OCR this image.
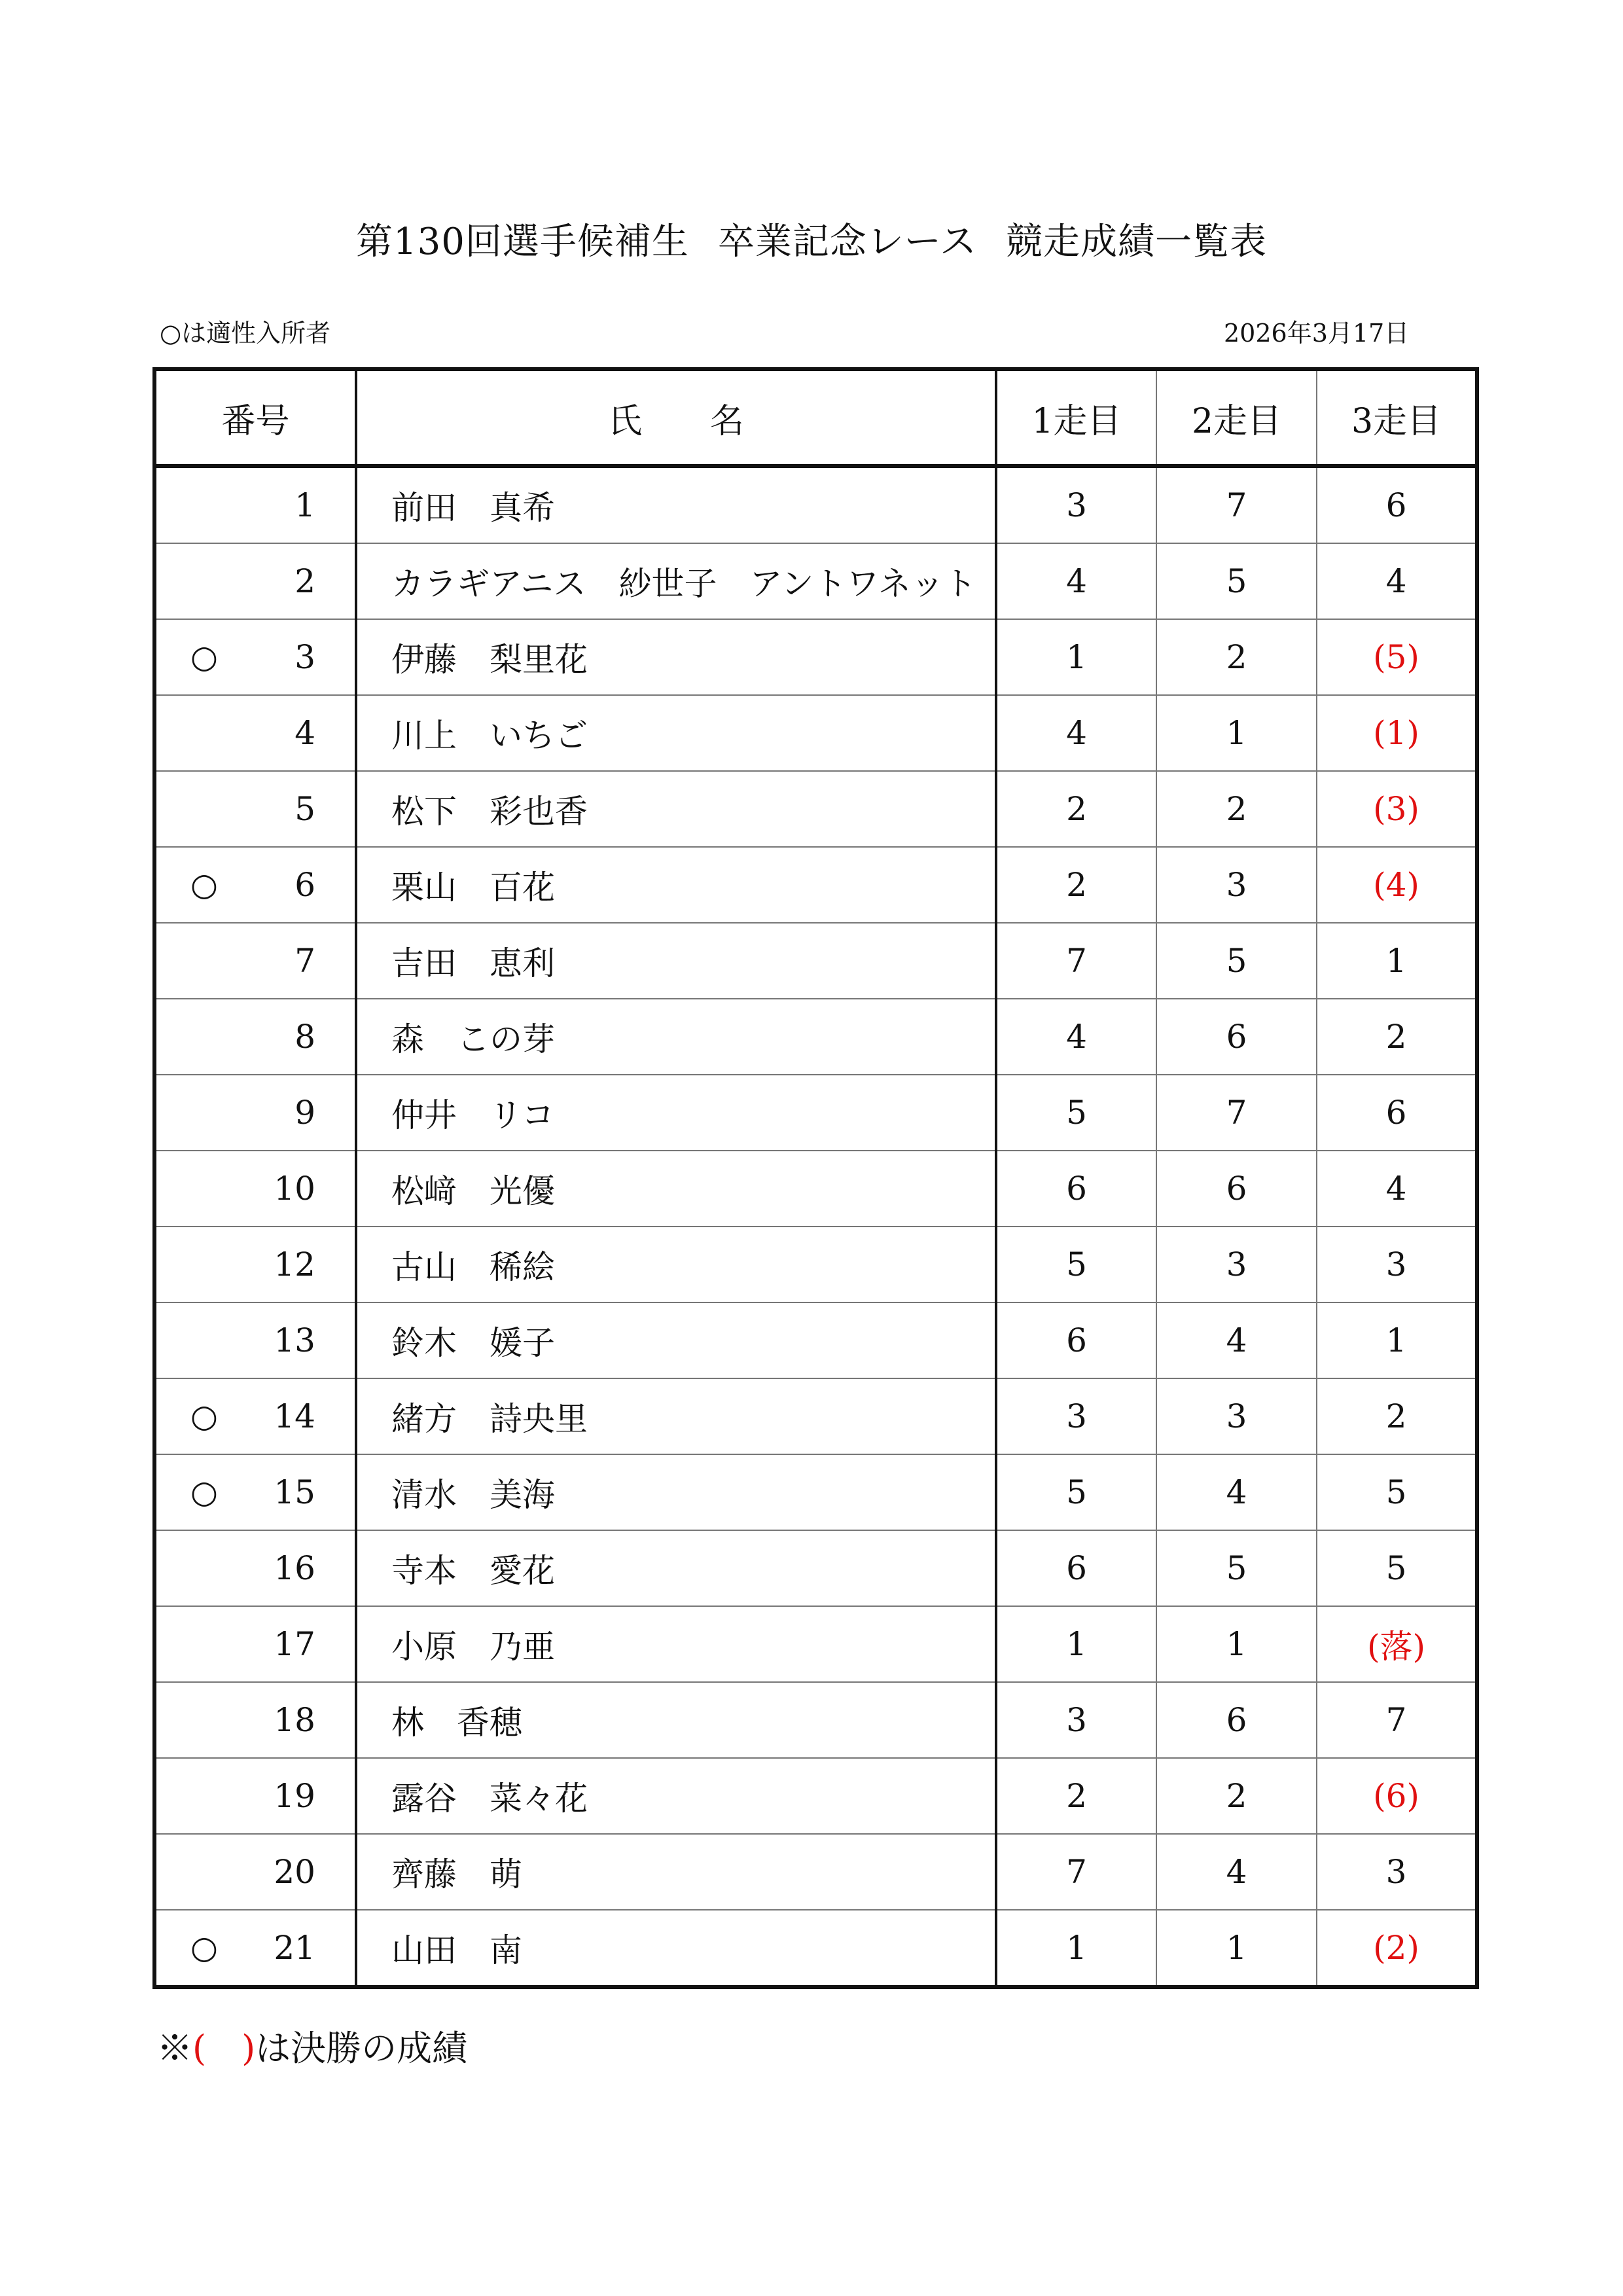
第130回選手候補生 卒業記念レース 競走成績一覧表
○は適性入所者	2026年3月17日
番号	氏　　名	1走目	2走目	3走目

1	前田　真希	3	7	6

2	カラギアニス　紗世子　アントワネット	4	5	4

○ 3	伊藤　梨里花	1	2	(5)

4	川上　いちご	4	1	(1)

5	松下　彩也香	2	2	(3)

○ 6	栗山　百花	2	3	(4)

7	吉田　恵利	7	5	1

8	森　この芽	4	6	2

9	仲井　リコ	5	7	6

10	松﨑　光優	6	6	4

12	古山　稀絵	5	3	3

13	鈴木　媛子	6	4	1

○ 14	緒方　詩央里	3	3	2

○ 15	清水　美海	5	4	5

16	寺本　愛花	6	5	5

17	小原　乃亜	1	1	(落)

18	林　香穂	3	6	7

19	露谷　菜々花	2	2	(6)

20	齊藤　萌	7	4	3

○ 21	山田　南	1	1	(2)
※(　)は決勝の成績
